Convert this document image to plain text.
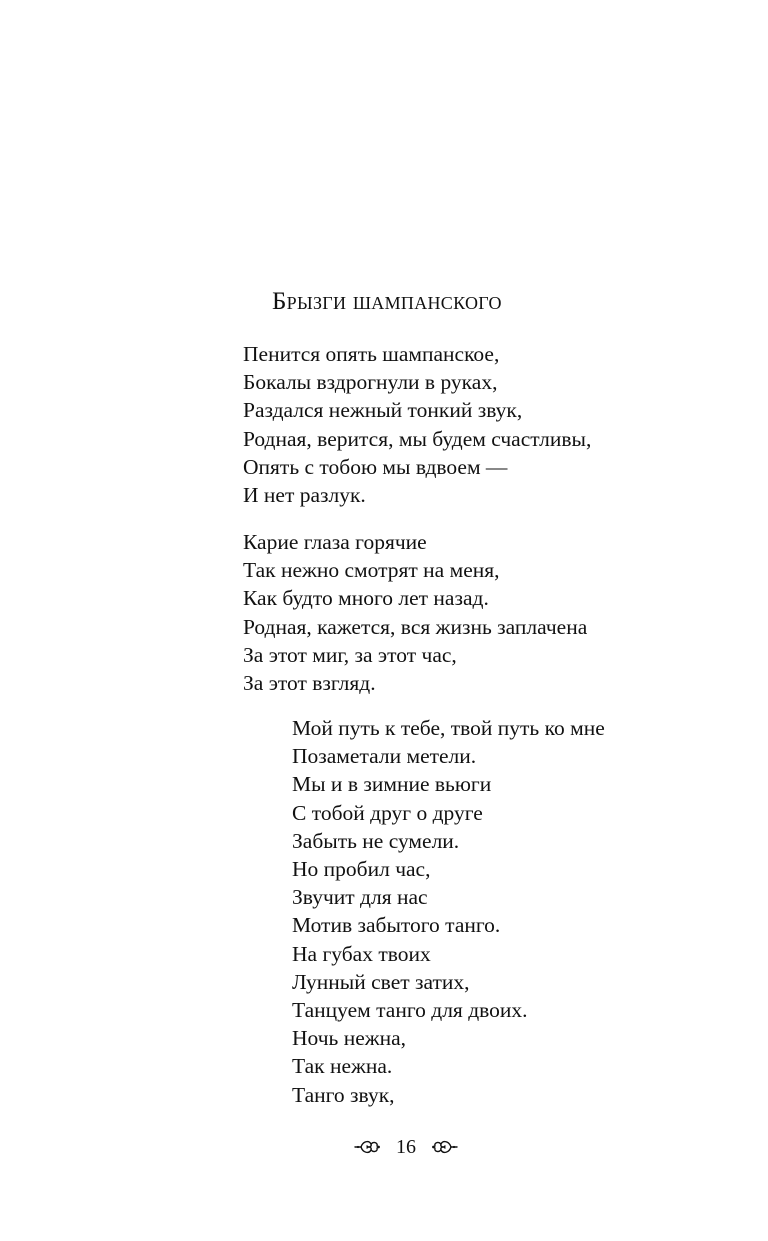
Брызги шампанского
Пенится опять шампанское,
Бокалы вздрогнули в руках,
Раздался нежный тонкий звук,
Родная, верится, мы будем счастливы,
Опять с тобою мы вдвоем —
И нет разлук.
Карие глаза горячие
Так нежно смотрят на меня,
Как будто много лет назад.
Родная, кажется, вся жизнь заплачена
За этот миг, за этот час,
За этот взгляд.
Мой путь к тебе, твой путь ко мне
Позаметали метели.
Мы и в зимние вьюги
С тобой друг о друге
Забыть не сумели.
Но пробил час,
Звучит для нас
Мотив забытого танго.
На губах твоих
Лунный свет затих,
Танцуем танго для двоих.
Ночь нежна,
Так нежна.
Танго звук,
16
